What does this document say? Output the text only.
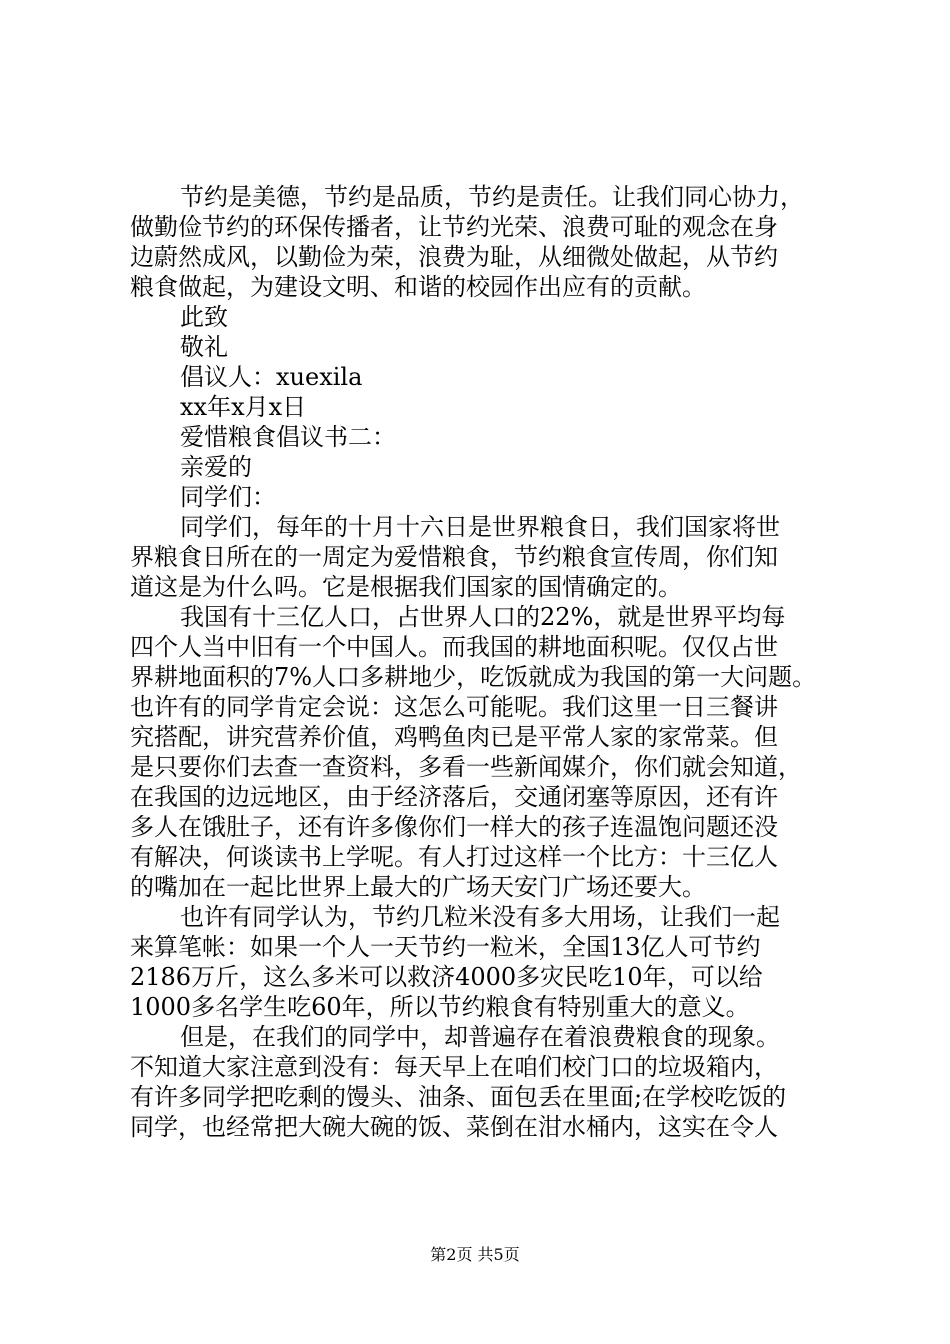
节约是美德，节约是品质，节约是责任。让我们同心协力，
做勤俭节约的环保传播者，让节约光荣、浪费可耻的观念在身
边蔚然成风，以勤俭为荣，浪费为耻，从细微处做起，从节约
粮食做起，为建设文明、和谐的校园作出应有的贡献。
此致
敬礼
倡议人：xuexila
xx年x月x日
爱惜粮食倡议书二：
亲爱的
同学们：
同学们，每年的十月十六日是世界粮食日，我们国家将世
界粮食日所在的一周定为爱惜粮食，节约粮食宣传周，你们知
道这是为什么吗。它是根据我们国家的国情确定的。
我国有十三亿人口，占世界人口的22%，就是世界平均每
四个人当中旧有一个中国人。而我国的耕地面积呢。仅仅占世
界耕地面积的7%人口多耕地少，吃饭就成为我国的第一大问题。
也许有的同学肯定会说：这怎么可能呢。我们这里一日三餐讲
究搭配，讲究营养价值，鸡鸭鱼肉已是平常人家的家常菜。但
是只要你们去查一查资料，多看一些新闻媒介，你们就会知道，
在我国的边远地区，由于经济落后，交通闭塞等原因，还有许
多人在饿肚子，还有许多像你们一样大的孩子连温饱问题还没
有解决，何谈读书上学呢。有人打过这样一个比方：十三亿人
的嘴加在一起比世界上最大的广场天安门广场还要大。
也许有同学认为，节约几粒米没有多大用场，让我们一起
来算笔帐：如果一个人一天节约一粒米，全国13亿人可节约
2186万斤，这么多米可以救济4000多灾民吃10年，可以给
1000多名学生吃60年，所以节约粮食有特别重大的意义。
但是，在我们的同学中，却普遍存在着浪费粮食的现象。
不知道大家注意到没有：每天早上在咱们校门口的垃圾箱内，
有许多同学把吃剩的馒头、油条、面包丢在里面;在学校吃饭的
同学，也经常把大碗大碗的饭、菜倒在泔水桶内，这实在令人
第2页 共5页
